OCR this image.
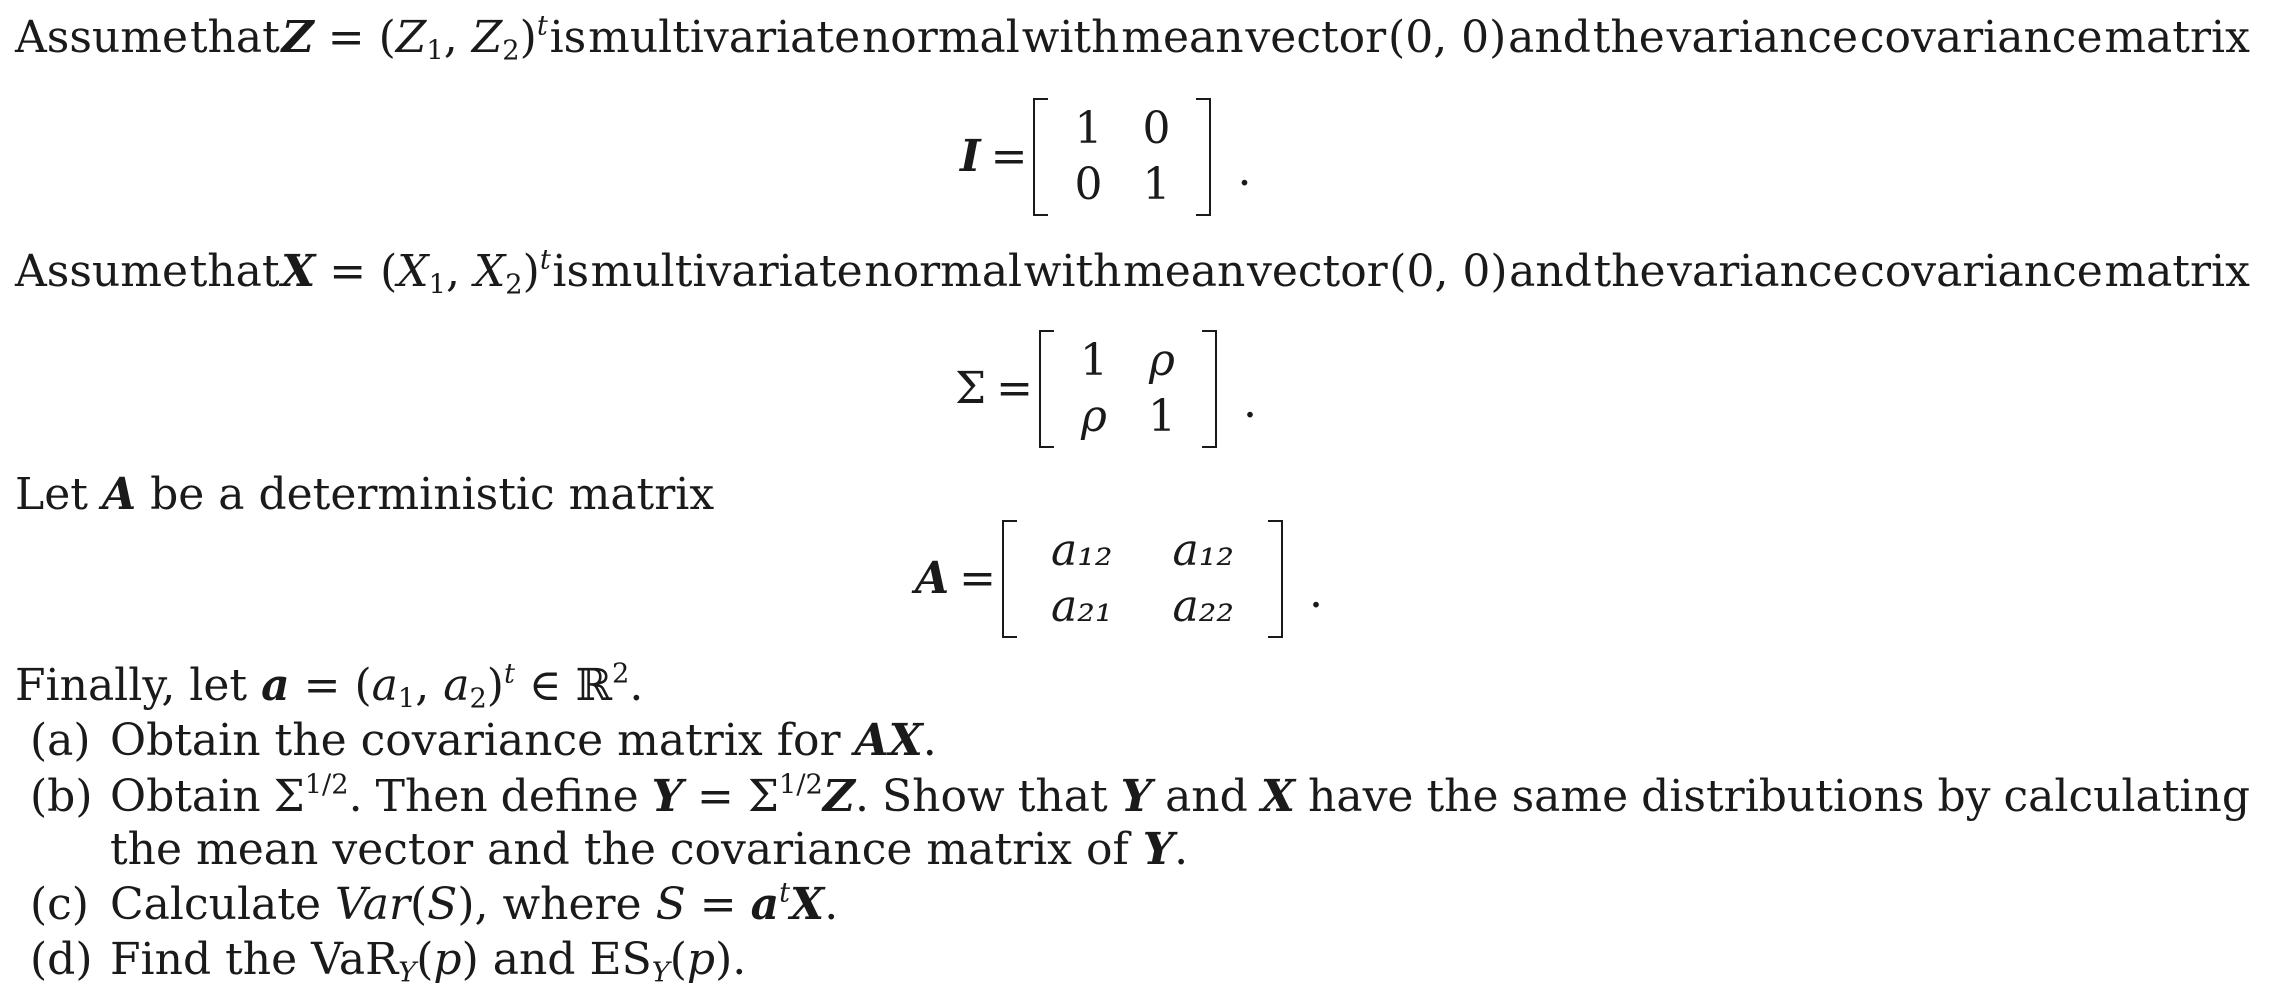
Assume that $Z = (Z_1$, $Z_2)^t$ is multivariate normal with mean vector (0, 0) and the variance covariance matrix
I =
1 0
0 1 .
Assume that $X = (X_1$, $X_2)^t$ is multivariate normal with mean vector (0, 0) and the variance covariance matrix
Σ =
1 ρ
ρ 1 .
Let A be a deterministic matrix
A =
a₁₂ a₁₂
a₂₁ a₂₂ .
Finally, let $a = (a_1$, $a_2)^t$ ∈ ℝ$^2$.
(a) Obtain the covariance matrix for AX.
(b) Obtain $\Sigma^{1/2}$. Then define $Y = \Sigma^{1/2}Z$. Show that Y and X have the same distributions by calculating
the mean vector and the covariance matrix of Y.
(c) Calculate Var(S), where $S = a^tX$.
(d) Find the VaR$_Y$(p) and $ES_Y(p)$.
